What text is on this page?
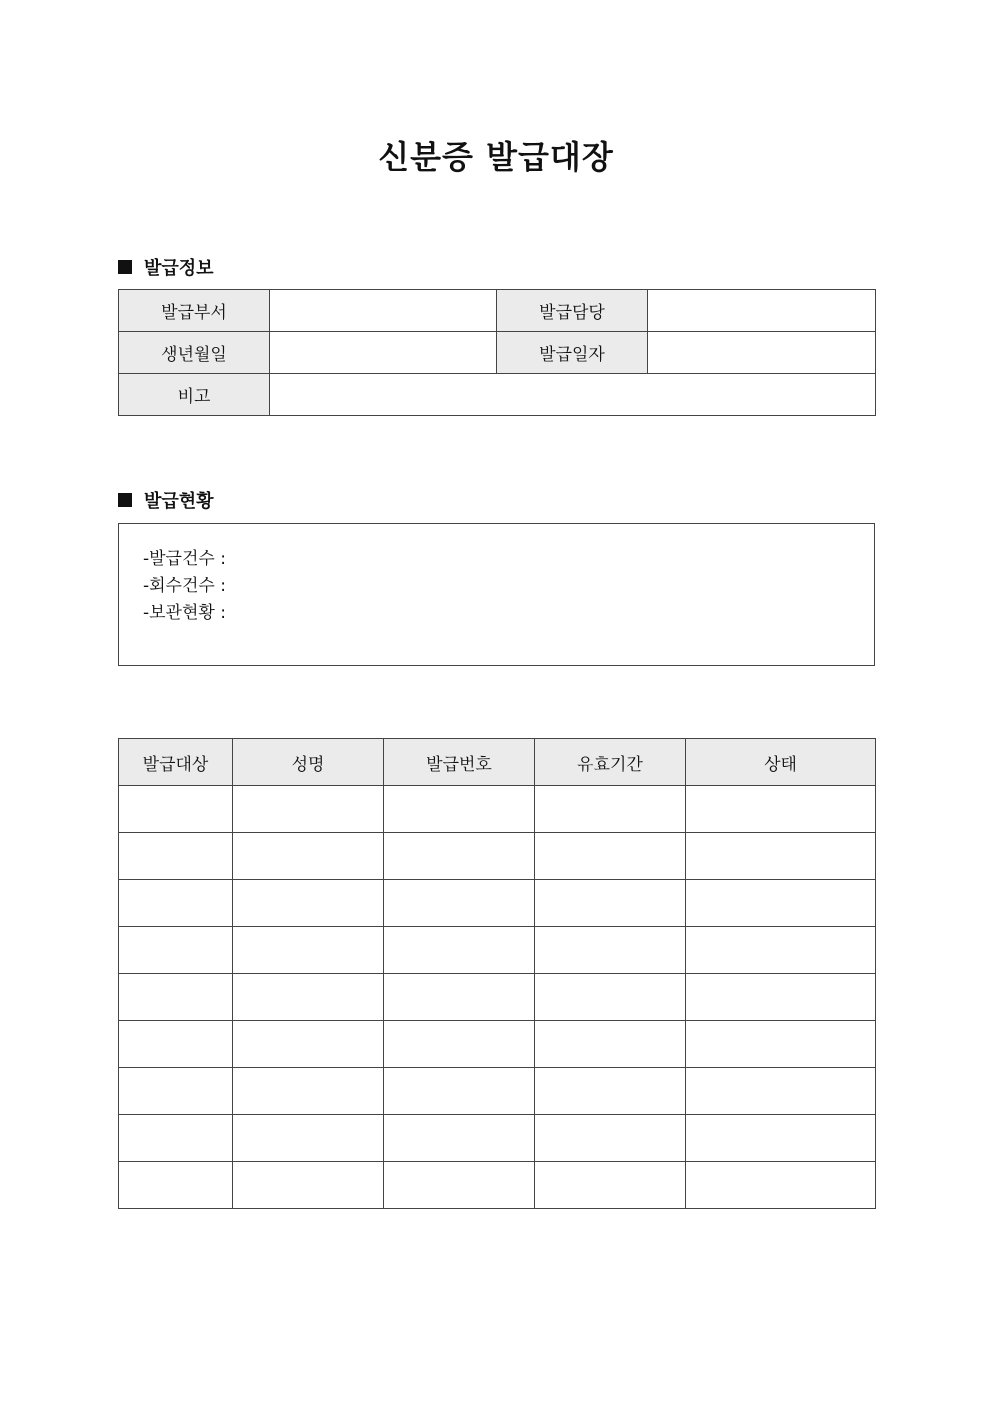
신분증 발급대장
발급정보
발급부서		발급담당	
생년월일		발급일자	
비고			
발급현황
-발급건수 :
-회수건수 :
-보관현황 :
발급대상	성명	발급번호	유효기간	상태
